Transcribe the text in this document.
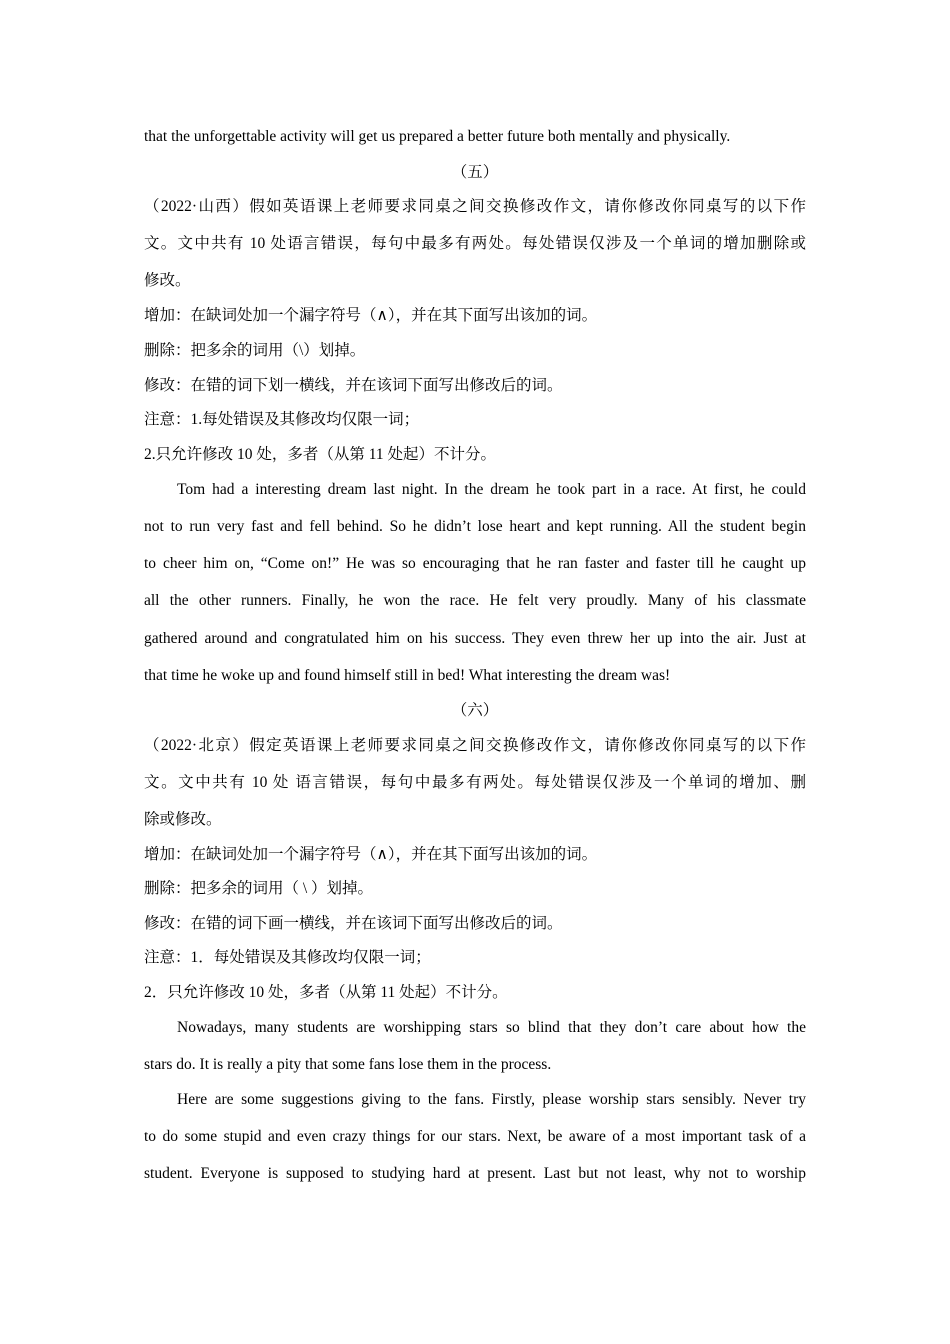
that the unforgettable activity will get us prepared a better future both mentally and physically.
（五）
（2022·山西）假如英语课上老师要求同桌之间交换修改作文，请你修改你同桌写的以下作
文。文中共有 10 处语言错误，每句中最多有两处。每处错误仅涉及一个单词的增加删除或
修改。
增加：在缺词处加一个漏字符号（∧），并在其下面写出该加的词。
删除：把多余的词用（\）划掉。
修改：在错的词下划一横线，并在该词下面写出修改后的词。
注意：1.每处错误及其修改均仅限一词；
2.只允许修改 10 处，多者（从第 11 处起）不计分。
Tom had a interesting dream last night. In the dream he took part in a race. At first, he could
not to run very fast and fell behind. So he didn’t lose heart and kept running. All the student begin
to cheer him on, “Come on!” He was so encouraging that he ran faster and faster till he caught up
all the other runners. Finally, he won the race. He felt very proudly. Many of his classmate
gathered around and congratulated him on his success. They even threw her up into the air. Just at
that time he woke up and found himself still in bed! What interesting the dream was!
（六）
（2022·北京）假定英语课上老师要求同桌之间交换修改作文，请你修改你同桌写的以下作
文。文中共有 10 处 语言错误，每句中最多有两处。每处错误仅涉及一个单词的增加、删
除或修改。
增加：在缺词处加一个漏字符号（∧），并在其下面写出该加的词。
删除：把多余的词用（ \ ）划掉。
修改：在错的词下画一横线，并在该词下面写出修改后的词。
注意：1．每处错误及其修改均仅限一词；
2．只允许修改 10 处，多者（从第 11 处起）不计分。
Nowadays, many students are worshipping stars so blind that they don’t care about how the
stars do. It is really a pity that some fans lose them in the process.
Here are some suggestions giving to the fans. Firstly, please worship stars sensibly. Never try
to do some stupid and even crazy things for our stars. Next, be aware of a most important task of a
student. Everyone is supposed to studying hard at present. Last but not least, why not to worship
